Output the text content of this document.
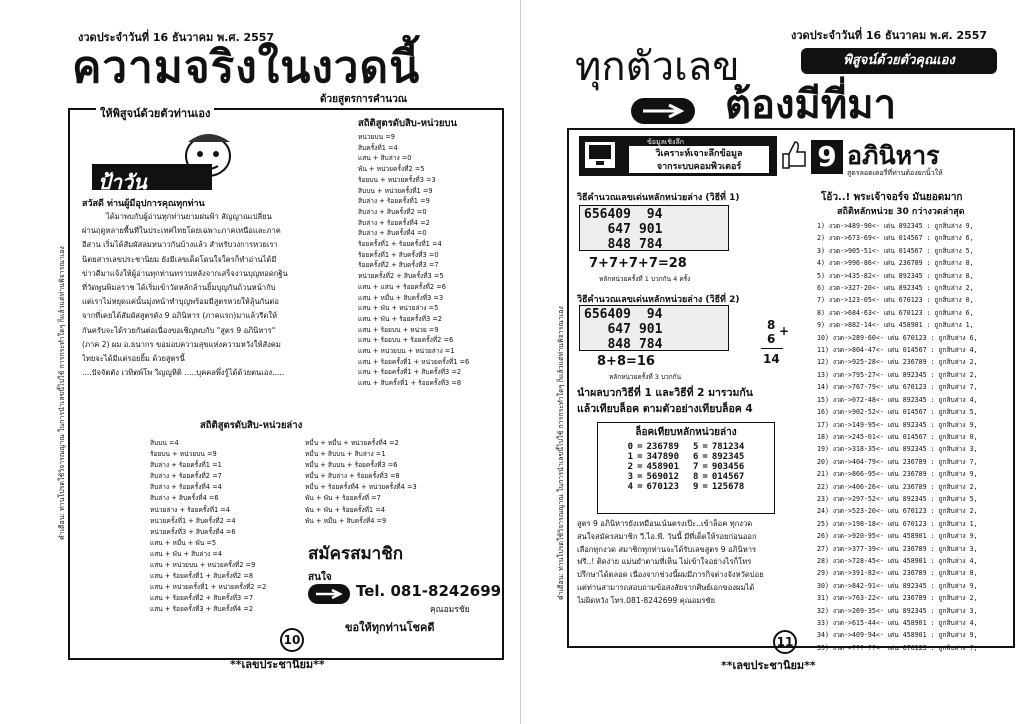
งวดประจำวันที่ 16 ธันวาคม พ.ศ. 2557
ความจริงในงวดนี้
ด้วยสูตรการคำนวณ
ให้พิสูจน์ด้วยตัวท่านเอง
ป้าวัน
สวัสดี ท่านผู้มีอุปการคุณทุกท่าน
ได้มาพบกับผู้อ่านทุกท่านยามฝนฟ้า สัญญาณเปลี่ยน
ผ่านฤดูหลายพื้นที่ในประเทศไทยโดยเฉพาะภาคเหนือและภาค
อีสาน เริ่มได้สัมผัสลมหนาวกันบ้างแล้ว สำหรับวงการหวยเรา
นิตยสารเลขประชานิยม ยังมีเลขเด็ดโดนใจใครก็ทำอ่านได้มี
ข่าวดีมาแจ้งให้ผู้อ่านทุกท่านทราบหลังจากเสร็จงานบุญทอดกฐิน
ที่วัดพูนพิมลราช ได้เริ่มเข้าวัดหลักล้านยิ้มบุญกันถ้วนหน้ากับ
แต่เราไม่หยุดแค่นั้นมุ่งหน้าทำบุญพร้อมมีสูตรหวยให้ลุ้นกันต่อ
จากที่เคยได้สัมผัสสูตรดัง 9 อภินิหาร (ภาคแรก)มาแล้วรีดให้
กันครับจะได้รวยกันต่อเนื่องขอเชิญพบกับ "สูตร 9 อภินิหาร"
(ภาค 2) ผม อ.ธนากร ขอมอบความสุขแห่งความหวังให้สังคม
ไทยจะได้มีแต่รอยยิ้ม ด้วยสูตรนี้
....ปัจจัตตัง เวทิตพ์โพ วิญญูหิติ .....บุคคลพึ่งรู้ได้ด้วยตนเอง.....
สถิติสูตรดับสิบ-หน่วยบน
หน่วยบน =9
สิบครั้งที่1 =4
แสน + สิบล่าง =0
พัน + หน่วยครั้งที่2 =5
ร้อยบน + หน่วยครั้งที่3 =3
สิบบน + หน่วยครั้งที่1 =9
สิบล่าง + ร้อยครั้งที่1 =9
สิบล่าง + สิบครั้งที่2 =0
สิบล่าง + ร้อยครั้งที่4 =2
สิบล่าง + สิบครั้งที่4 =0
ร้อยครั้งที่1 + ร้อยครั้งที่1 =4
ร้อยครั้งที่1 + สิบครั้งที่3 =0
ร้อยครั้งที่2 + สิบครั้งที่3 =7
หน่วยครั้งที่2 + สิบครั้งที่3 =5
แสน + แสน + ร้อยครั้งที่2 =6
แสน + หมื่น + สิบครั้งที่3 =3
แสน + พัน + หน่วยล่าง =5
แสน + พัน + ร้อยครั้งที่3 =2
แสน + ร้อยบน + หน่วย =9
แสน + ร้อยบน + ร้อยครั้งที่2 =6
แสน + หน่วยบน + หน่วยล่าง =1
แสน + ร้อยครั้งที่1 + หน่วยครั้งที่1 =6
แสน + ร้อยครั้งที่1 + สิบครั้งที่3 =2
แสน + สิบครั้งที่1 + ร้อยครั้งที่3 =8
สถิติสูตรดับสิบ-หน่วยล่าง
สิบบน =4
ร้อยบน + หน่วยบน =9
สิบล่าง + ร้อยครั้งที่1 =1
สิบล่าง + ร้อยครั้งที่2 =7
สิบล่าง + ร้อยครั้งที่4 =4
สิบล่าง + สิบครั้งที่4 =6
หน่วยล่าง + ร้อยครั้งที่1 =4
หน่วยครั้งที่1 + สิบครั้งที่2 =4
หน่วยครั้งที่3 + สิบครั้งที่4 =6
แสน + หมื่น + พัน =5
แสน + พัน + สิบล่าง =4
แสน + หน่วยบน + หน่วยครั้งที่2 =9
แสน + ร้อยครั้งที่1 + สิบครั้งที่2 =8
แสน + หน่วยครั้งที่1 + หน่วยครั้งที่2 =2
แสน + ร้อยครั้งที่2 + สิบครั้งที่3 =7
แสน + ร้อยครั้งที่3 + สิบครั้งที่4 =2
หมื่น + หมื่น + หน่วยครั้งที่4 =2
หมื่น + สิบบน + สิบล่าง =1
หมื่น + สิบบน + ร้อยครั้งที่3 =6
หมื่น + สิบล่าง + ร้อยครั้งที่3 =8
หมื่น + ร้อยครั้งที่4 + หน่วยครั้งที่4 =3
พัน + พัน + ร้อยครั้งที่ =7
พัน + พัน + ร้อยครั้งที่1 =4
พัน + หมื่น + สิบครั้งที่4 =9
สมัครสมาชิก
สนใจ
Tel. 081-8242699
คุณอมรชัย
ขอให้ทุกท่านโชคดี
10
**เลขประชานิยม**
คำเตือน: ท่านโปรดใช้วิจารณญาณ ในการนำเลขนี้ไปใช้ การกระทำใดๆ ก็แล้วแต่ท่านพิจารณาเอง
งวดประจำวันที่ 16 ธันวาคม พ.ศ. 2557
ทุกตัวเลข	พิสูจน์ด้วยตัวคุณเอง
ต้องมีที่มา
ข้อมูลเชิงลึก
วิเคราะห์เจาะลึกข้อมูล
จากระบบคอมพิวเตอร์	9 อภินิหาร
สูตรลอตเตอรี่ที่ท่านต้องยกนิ้วให้
วิธีคำนวณเลขเด่นหลักหน่วยล่าง (วิธีที่ 1)
656409	94
647	901
848	784
7+7+7+7=28
หลักหน่วยครั้งที่ 1 บวกกัน 4 ครั้ง
วิธีคำนวณเลขเด่นหลักหน่วยล่าง (วิธีที่ 2)
656409	94
647	901
848	784
8+8=16
หลักหน่วยครั้งที่ 3 บวกกัน
8
6
+
14
นำผลบวกวิธีที่ 1 และวิธีที่ 2 มารวมกัน
แล้วเทียบล็อค ตามตัวอย่างเทียบล็อค 4
ล็อคเทียบหลักหน่วยล่าง
0	=	236789		5	=	781234
1	=	347890		6	=	892345
2	=	458901		7	=	903456
3	=	569012		8	=	014567
4	=	670123		9	=	125678
สูตร 9 อภินิหารยังเหมือนเน้นตรงเป๊ะ..เข้าล็อค ทุกงวด
สนใจสมัครสมาชิก วี.ไอ.พี. วันนี้ มีที่เด็ดให้รอยก่อนออก
เลือกทุกงวด สมาชิกทุกท่านจะได้รับเลขสูตร 9 อภินิหาร
ฟรี..! ติดง่าย แม่นยำตามที่เห็น ไม่เข้าใจอย่างไรก็โทร
ปรึกษาได้ตลอด เนื่องจากช่วงนี้ผมมีภารกิจต่างจังหวัดบ่อย
แต่ท่านสามารถสอบถามข้อสงสัยจากศิษย์เอกของผมได้
ไม่ผิดหวัง โทร.081-8242699 คุณอมรชัย
โอ้ว..! พระเจ้าจอร์จ มันยอดมาก
สถิติหลักหน่วย 30 กว่างวดล่าสุด
1) งวด->489-90<- เด่น 892345 : ถูกสิบล่าง 9,
2) งวด->673-69<- เด่น 014567 : ถูกสิบล่าง 6,
3) งวด->905-51<- เด่น 014567 : ถูกสิบล่าง 5,
4) งวด->996-86<- เด่น 236789 : ถูกสิบล่าง 8,
5) งวด->435-82<- เด่น 892345 : ถูกสิบล่าง 8,
6) งวด->327-20<- เด่น 892345 : ถูกสิบล่าง 2,
7) งวด->123-05<- เด่น 670123 : ถูกสิบล่าง 0,
8) งวด->684-63<- เด่น 670123 : ถูกสิบล่าง 6,
9) งวด->882-14<- เด่น 458901 : ถูกสิบล่าง 1,
10) งวด->289-60<- เด่น 670123 : ถูกสิบล่าง 6,
11) งวด->804-47<- เด่น 014567 : ถูกสิบล่าง 4,
12) งวด->925-28<- เด่น 236789 : ถูกสิบล่าง 2,
13) งวด->795-27<- เด่น 892345 : ถูกสิบล่าง 2,
14) งวด->767-79<- เด่น 670123 : ถูกสิบล่าง 7,
15) งวด->072-48<- เด่น 892345 : ถูกสิบล่าง 4,
16) งวด->902-52<- เด่น 014567 : ถูกสิบล่าง 5,
17) งวด->149-95<- เด่น 892345 : ถูกสิบล่าง 9,
18) งวด->245-01<- เด่น 014567 : ถูกสิบล่าง 0,
19) งวด->318-35<- เด่น 892345 : ถูกสิบล่าง 3,
20) งวด->404-79<- เด่น 236789 : ถูกสิบล่าง 7,
21) งวด->866-95<- เด่น 236789 : ถูกสิบล่าง 9,
22) งวด->406-26<- เด่น 236789 : ถูกสิบล่าง 2,
23) งวด->297-52<- เด่น 892345 : ถูกสิบล่าง 5,
24) งวด->523-20<- เด่น 670123 : ถูกสิบล่าง 2,
25) งวด->198-18<- เด่น 670123 : ถูกสิบล่าง 1,
26) งวด->920-95<- เด่น 458901 : ถูกสิบล่าง 9,
27) งวด->377-39<- เด่น 236789 : ถูกสิบล่าง 3,
28) งวด->728-45<- เด่น 458901 : ถูกสิบล่าง 4,
29) งวด->391-82<- เด่น 236789 : ถูกสิบล่าง 8,
30) งวด->842-91<- เด่น 892345 : ถูกสิบล่าง 9,
31) งวด->763-22<- เด่น 236789 : ถูกสิบล่าง 2,
32) งวด->269-35<- เด่น 892345 : ถูกสิบล่าง 3,
33) งวด->615-44<- เด่น 458901 : ถูกสิบล่าง 4,
34) งวด->409-94<- เด่น 458901 : ถูกสิบล่าง 9,
35) งวด->???-??<- เด่น 670123 : ถูกสิบล่าง ?,
11
**เลขประชานิยม**
คำเตือน: ท่านโปรดใช้วิจารณญาณ ในการนำเลขนี้ไปใช้ การกระทำใดๆ ก็แล้วแต่ท่านพิจารณาเอง
